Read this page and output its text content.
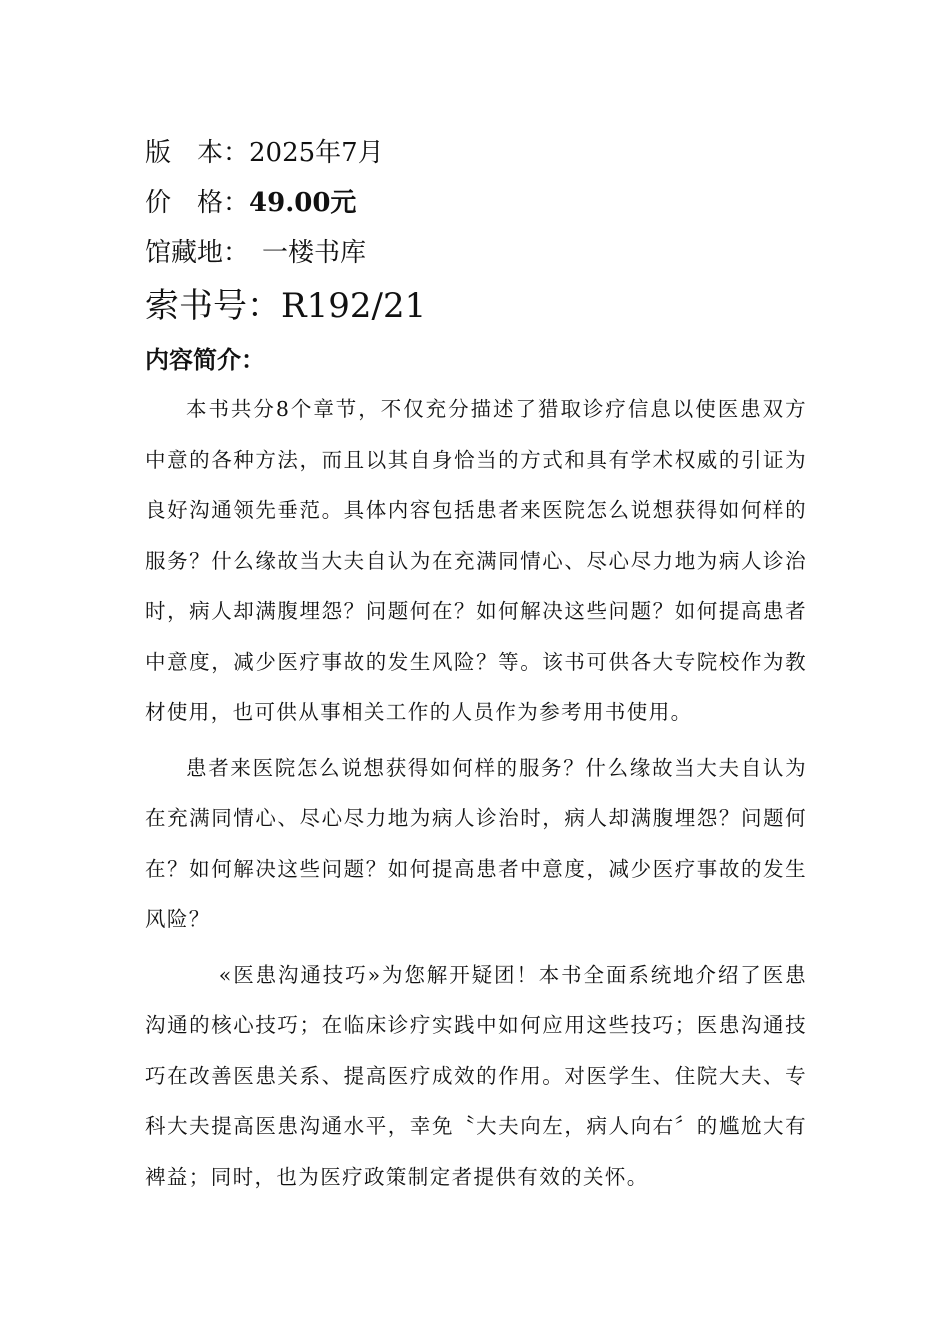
版　本：2025年7月
价　格：49.00元
馆藏地：　一楼书库
索书号：R192/21
内容简介：

本书共分8个章节，不仅充分描述了猎取诊疗信息以使医患双方中意的各种方法，而且以其自身恰当的方式和具有学术权威的引证为良好沟通领先垂范。具体内容包括患者来医院怎么说想获得如何样的服务？什么缘故当大夫自认为在充满同情心、尽心尽力地为病人诊治时，病人却满腹埋怨？问题何在？如何解决这些问题？如何提高患者中意度，减少医疗事故的发生风险？等。该书可供各大专院校作为教材使用，也可供从事相关工作的人员作为参考用书使用。

患者来医院怎么说想获得如何样的服务？什么缘故当大夫自认为在充满同情心、尽心尽力地为病人诊治时，病人却满腹埋怨？问题何在？如何解决这些问题？如何提高患者中意度，减少医疗事故的发生风险？

«医患沟通技巧»为您解开疑团！本书全面系统地介绍了医患沟通的核心技巧；在临床诊疗实践中如何应用这些技巧；医患沟通技巧在改善医患关系、提高医疗成效的作用。对医学生、住院大夫、专科大夫提高医患沟通水平，幸免〝大夫向左，病人向右〞的尴尬大有裨益；同时，也为医疗政策制定者提供有效的关怀。
